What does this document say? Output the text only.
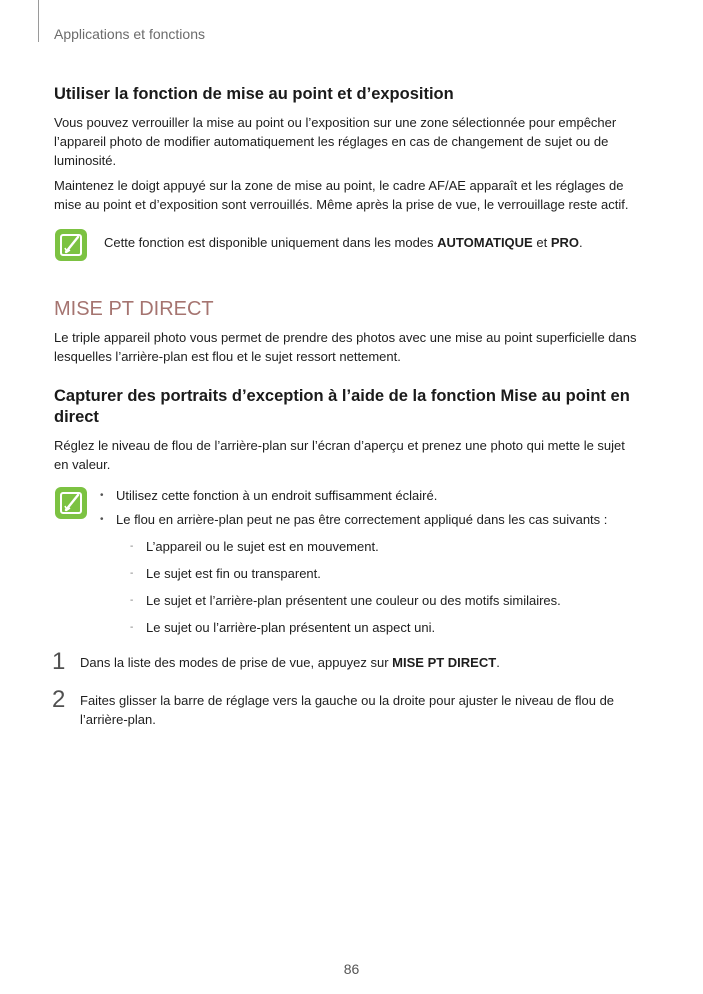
Applications et fonctions
Utiliser la fonction de mise au point et d’exposition

Vous pouvez verrouiller la mise au point ou l’exposition sur une zone sélectionnée pour empêcher l’appareil photo de modifier automatiquement les réglages en cas de changement de sujet ou de luminosité.

Maintenez le doigt appuyé sur la zone de mise au point, le cadre AF/AE apparaît et les réglages de mise au point et d’exposition sont verrouillés. Même après la prise de vue, le verrouillage reste actif.

Cette fonction est disponible uniquement dans les modes AUTOMATIQUE et PRO.
MISE PT DIRECT

Le triple appareil photo vous permet de prendre des photos avec une mise au point superficielle dans lesquelles l’arrière-plan est flou et le sujet ressort nettement.

Capturer des portraits d’exception à l’aide de la fonction Mise au point en direct

Réglez le niveau de flou de l’arrière-plan sur l’écran d’aperçu et prenez une photo qui mette le sujet en valeur.

• Utilisez cette fonction à un endroit suffisamment éclairé.
• Le flou en arrière-plan peut ne pas être correctement appliqué dans les cas suivants :
- L’appareil ou le sujet est en mouvement.
- Le sujet est fin ou transparent.
- Le sujet et l’arrière-plan présentent une couleur ou des motifs similaires.
- Le sujet ou l’arrière-plan présentent un aspect uni.
1 Dans la liste des modes de prise de vue, appuyez sur MISE PT DIRECT.
2 Faites glisser la barre de réglage vers la gauche ou la droite pour ajuster le niveau de flou de l’arrière-plan.
86
